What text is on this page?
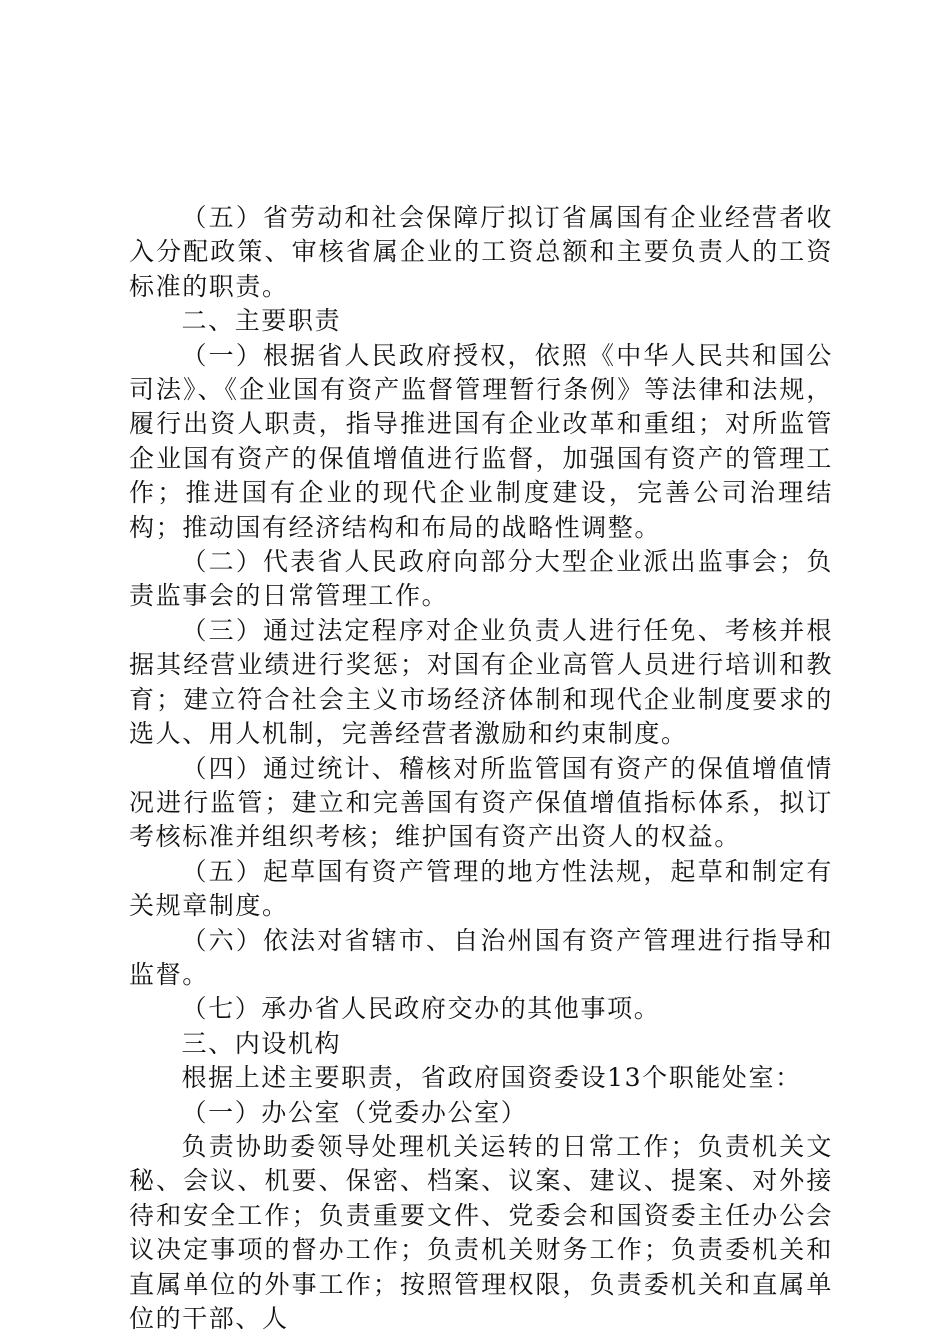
（五）省劳动和社会保障厅拟订省属国有企业经营者收入分配政策、审核省属企业的工资总额和主要负责人的工资标准的职责。

二、主要职责

（一）根据省人民政府授权，依照《中华人民共和国公司法》、《企业国有资产监督管理暂行条例》等法律和法规，履行出资人职责，指导推进国有企业改革和重组；对所监管企业国有资产的保值增值进行监督，加强国有资产的管理工作；推进国有企业的现代企业制度建设，完善公司治理结构；推动国有经济结构和布局的战略性调整。

（二）代表省人民政府向部分大型企业派出监事会；负责监事会的日常管理工作。

（三）通过法定程序对企业负责人进行任免、考核并根据其经营业绩进行奖惩；对国有企业高管人员进行培训和教育；建立符合社会主义市场经济体制和现代企业制度要求的选人、用人机制，完善经营者激励和约束制度。

（四）通过统计、稽核对所监管国有资产的保值增值情况进行监管；建立和完善国有资产保值增值指标体系，拟订考核标准并组织考核；维护国有资产出资人的权益。

（五）起草国有资产管理的地方性法规，起草和制定有关规章制度。

（六）依法对省辖市、自治州国有资产管理进行指导和监督。

（七）承办省人民政府交办的其他事项。

三、内设机构

根据上述主要职责，省政府国资委设13个职能处室：

（一）办公室（党委办公室）

负责协助委领导处理机关运转的日常工作；负责机关文秘、会议、机要、保密、档案、议案、建议、提案、对外接待和安全工作；负责重要文件、党委会和国资委主任办公会议决定事项的督办工作；负责机关财务工作；负责委机关和直属单位的外事工作；按照管理权限，负责委机关和直属单位的干部、人
